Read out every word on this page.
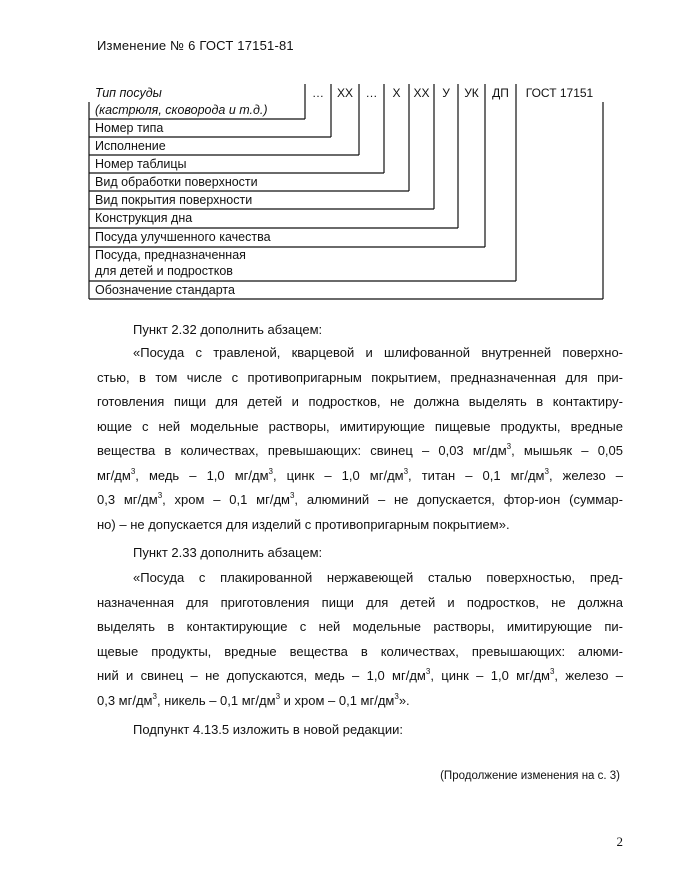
Изменение № 6 ГОСТ 17151-81
…	ХХ	…	Х	ХХ	У	УК	ДП	ГОСТ 17151
Тип посуды
(кастрюля, сковорода и т.д.)
Номер типа
Исполнение
Номер таблицы
Вид обработки поверхности
Вид покрытия поверхности
Конструкция дна
Посуда улучшенного качества
Посуда, предназначенная
для детей и подростков
Обозначение стандарта
Пункт 2.32 дополнить абзацем:
«Посуда с травленой, кварцевой и шлифованной внутренней поверхно-
стью, в том числе с противопригарным покрытием, предназначенная для при-
готовления пищи для детей и подростков, не должна выделять в контактиру-
ющие с ней модельные растворы, имитирующие пищевые продукты, вредные
вещества в количествах, превышающих: свинец – 0,03 $мг/дм^3$, мышьяк – 0,05
$мг/дм^3$, медь – 1,0 $мг/дм^3$, цинк – 1,0 $мг/дм^3$, титан – 0,1 $мг/дм^3$, железо –
0,3 $мг/дм^3$, хром – 0,1 $мг/дм^3$, алюминий – не допускается, фтор-ион (суммар-
но) – не допускается для изделий с противопригарным покрытием».
Пункт 2.33 дополнить абзацем:
«Посуда с плакированной нержавеющей сталью поверхностью, пред-
назначенная для приготовления пищи для детей и подростков, не должна
выделять в контактирующие с ней модельные растворы, имитирующие пи-
щевые продукты, вредные вещества в количествах, превышающих: алюми-
ний и свинец – не допускаются, медь – 1,0 $мг/дм^3$, цинк – 1,0 $мг/дм^3$, железо –
0,3 $мг/дм^3$, никель – 0,1 $мг/дм^3$ и хром – 0,1 $мг/дм^3$».
Подпункт 4.13.5 изложить в новой редакции:
(Продолжение изменения на с. 3)
2
